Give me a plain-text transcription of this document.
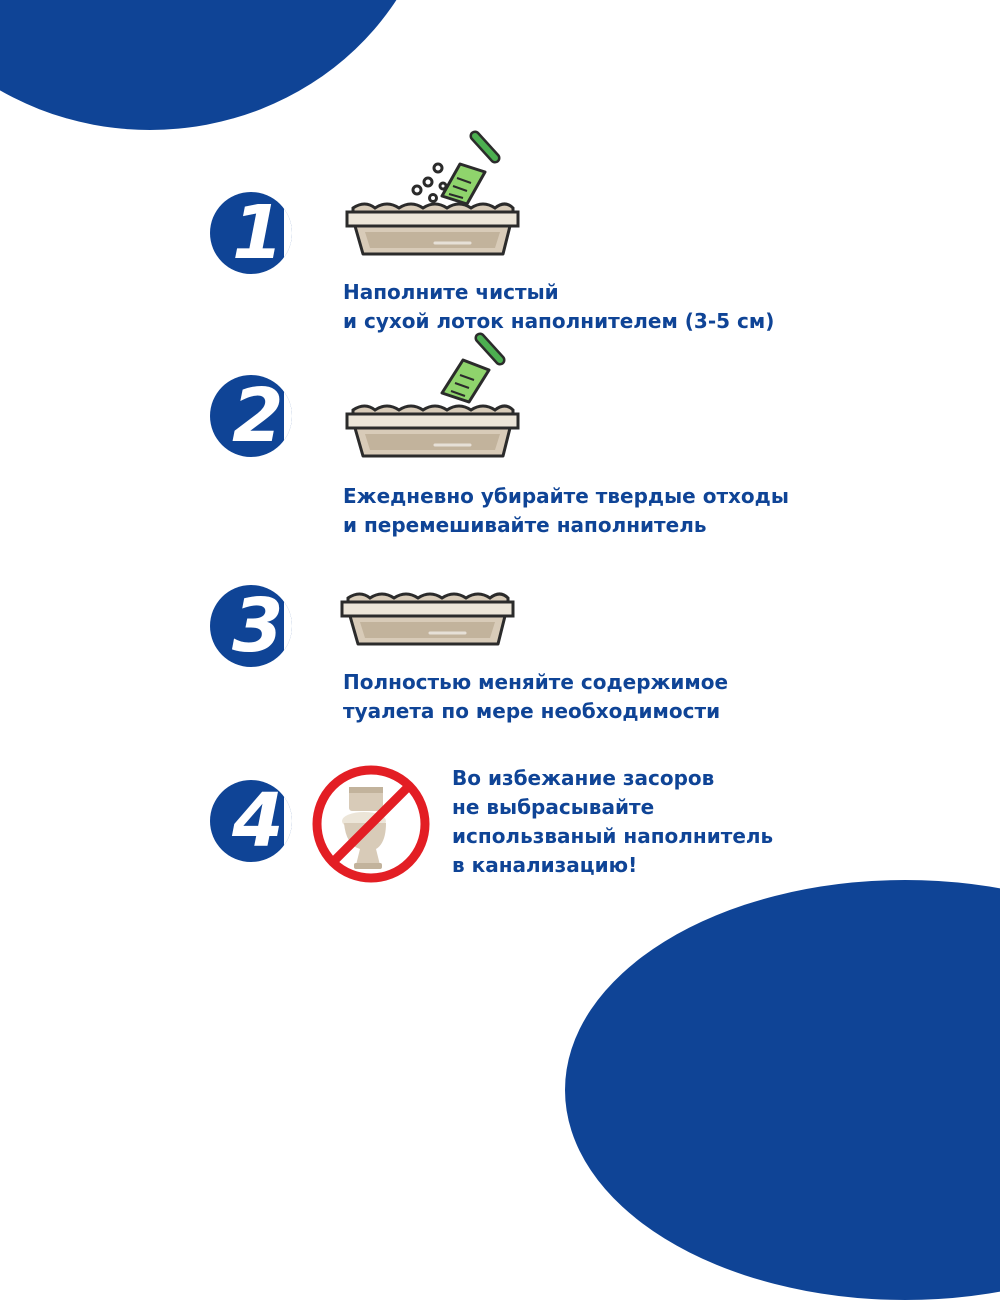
1

Наполните чистый
и сухой лоток наполнителем (3-5 см)

2

Ежедневно убирайте твердые отходы
и перемешивайте наполнитель

3

Полностью меняйте содержимое
туалета по мере необходимости

4	Во избежание засоров
не выбрасывайте
использваный наполнитель
в канализацию!
